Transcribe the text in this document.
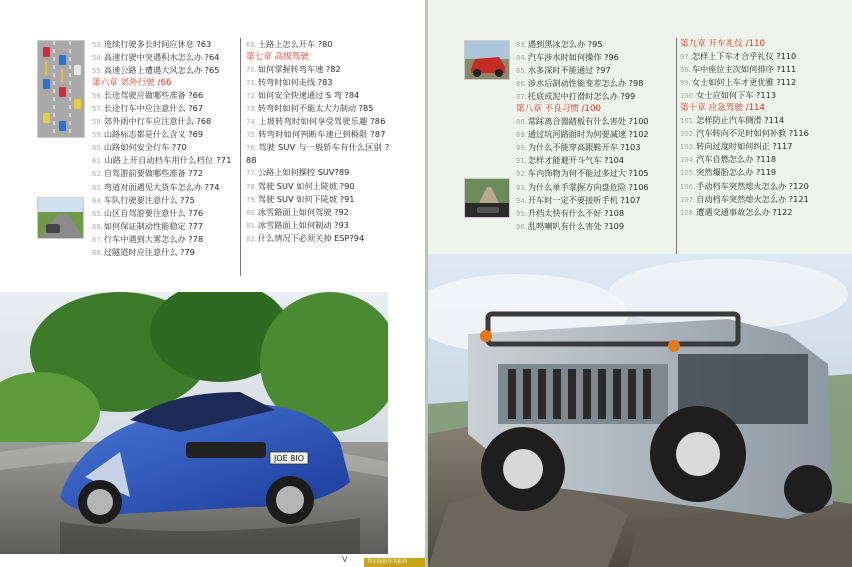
53.连续行驶多长时间应休息 ?63
54.高速行驶中突遇积水怎么办 ?64
55.高速公路上遭遇大风怎么办 ?65
第六章 郊外行驶 /66
56.长途驾驶应做哪些准备 ?66
57.长途行车中应注意什么 ?67
58.郊外雨中行车应注意什么 ?68
59.山路标志都是什么含义 ?69
60.山路如何安全行车 ?70
61.山路上开自动档车用什么档位 ?71
62.自驾游前要做哪些准备 ?72
63.弯道对面遇见大货车怎么办 ?74
64.车队行驶要注意什么 ?75
65.山区自驾游要注意什么 ?76
66.如何保证制动性能稳定 ?77
67.行车中遇到大雾怎么办 ?78
68.过隧道时应注意什么 ?79
69.土路上怎么开车 ?80
第七章 高级驾驶
70.如何掌握转弯车速 ?82
71.转弯时如何走线 ?83
72.如何安全快速通过 S 弯 ?84
73.转弯时如何不能太大力制动 ?85
74.上坡转弯时如何享受驾驶乐趣 ?86
75.转弯时如何判断车速已到极限 ?87
76.驾驶 SUV 与一般轿车有什么区别 ?88
77.公路上如何操控 SUV?89
78.驾驶 SUV 如何上陡坡 ?90
79.驾驶 SUV 如何下陡坡 ?91
80.冰雪路面上如何驾驶 ?92
81.冰雪路面上如何制动 ?93
82.什么情况下必须关掉 ESP?94
JOE 8IO
V	驾车篇指导书系列
83.遇到黑冰怎么办 ?95
84.汽车涉水时如何操作 ?96
85.水多深时不能通过 ?97
86.涉水后制动性能变差怎么办 ?98
87.托底或泥中打滑时怎么办 ?99
第八章 不良习惯 /100
88.常踩离合器踏板有什么害处 ?100
89.通过坑河路面时为何要减速 ?102
90.为什么不能穿高跟鞋开车 ?103
91.怎样才能避开斗气车 ?104
92.车内饰物为何不能过多过大 ?105
93.为什么单手掌握方向盘危险 ?106
94.开车时一定不要接听手机 ?107
95.升档太快有什么不好 ?108
96.乱鸣喇叭有什么害处 ?109
第九章 开车礼仪 /110
97.怎样上下车才合乎礼仪 ?110
98.车中座位主次如何排序 ?111
99.女士如何上车才更优雅 ?112
100.女士应如何下车 ?113
第十章 应急驾驶 /114
101.怎样防止汽车侧滑 ?114
102.汽车转向不足时如何补救 ?116
103.转向过度时如何纠正 ?117
104.汽车自燃怎么办 ?118
105.突然爆胎怎么办 ?119
106.手动档车突然熄火怎么办 ?120
107.自动档车突然熄火怎么办 ?121
108.遭遇交通事故怎么办 ?122
